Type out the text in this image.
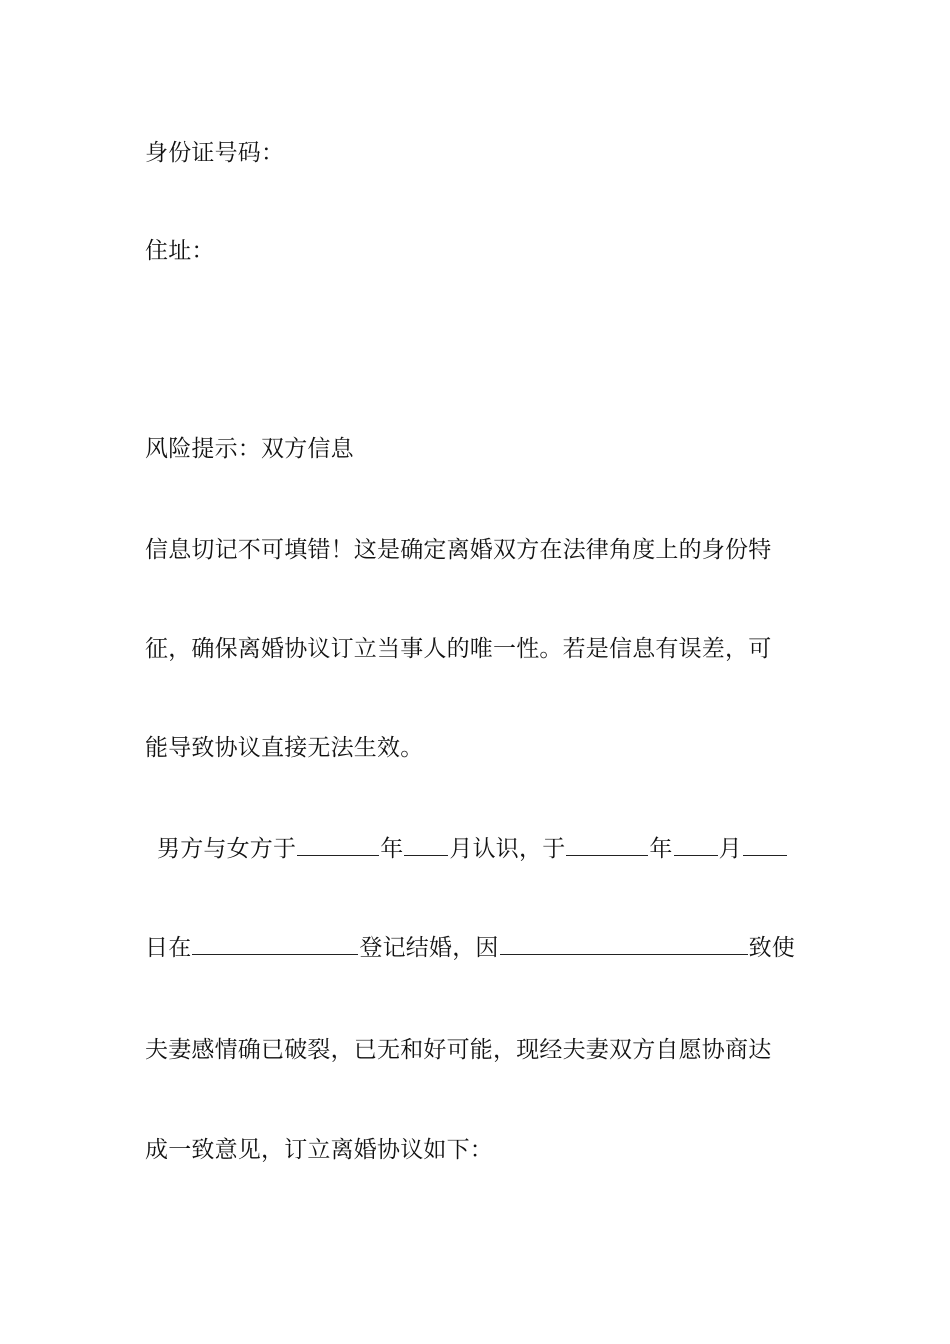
身份证号码：
住址：
风险提示：双方信息
信息切记不可填错！这是确定离婚双方在法律角度上的身份特
征，确保离婚协议订立当事人的唯一性。若是信息有误差，可
能导致协议直接无法生效。
男方与女方于	年 月认识，于	年 月
日在	登记结婚，因	致使
夫妻感情确已破裂，已无和好可能，现经夫妻双方自愿协商达
成一致意见，订立离婚协议如下：
